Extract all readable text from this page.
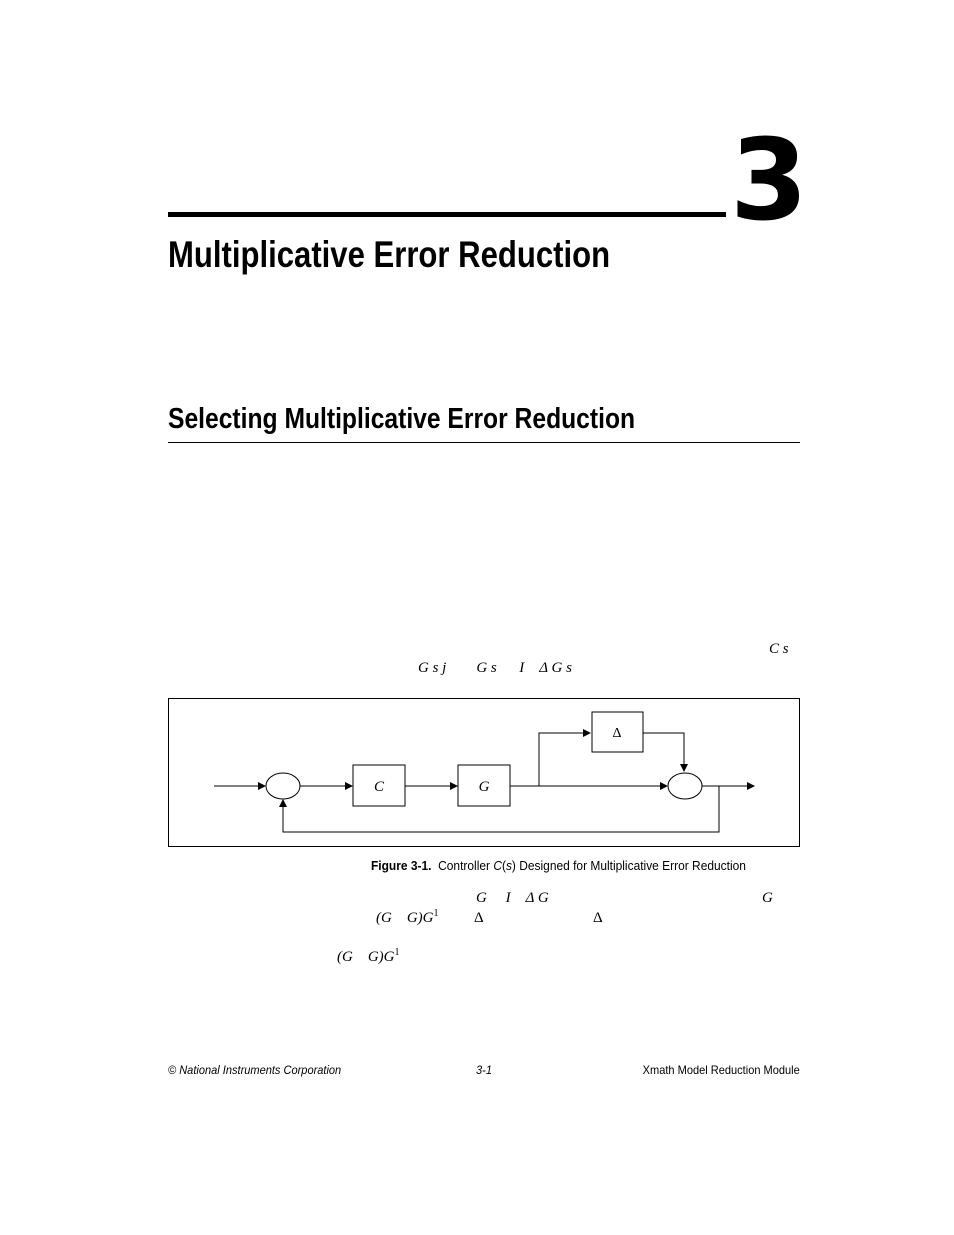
3
Multiplicative Error Reduction
Selecting Multiplicative Error Reduction
C s
G s j        G s      I    Δ G s
C	G
Δ
Figure 3-1. Controller C(s) Designed for Multiplicative Error Reduction
G     I    Δ G	G
(G    $G)G^1$ Δ	Δ
(G    $G)G^1$
© National Instruments Corporation	3-1	Xmath Model Reduction Module
